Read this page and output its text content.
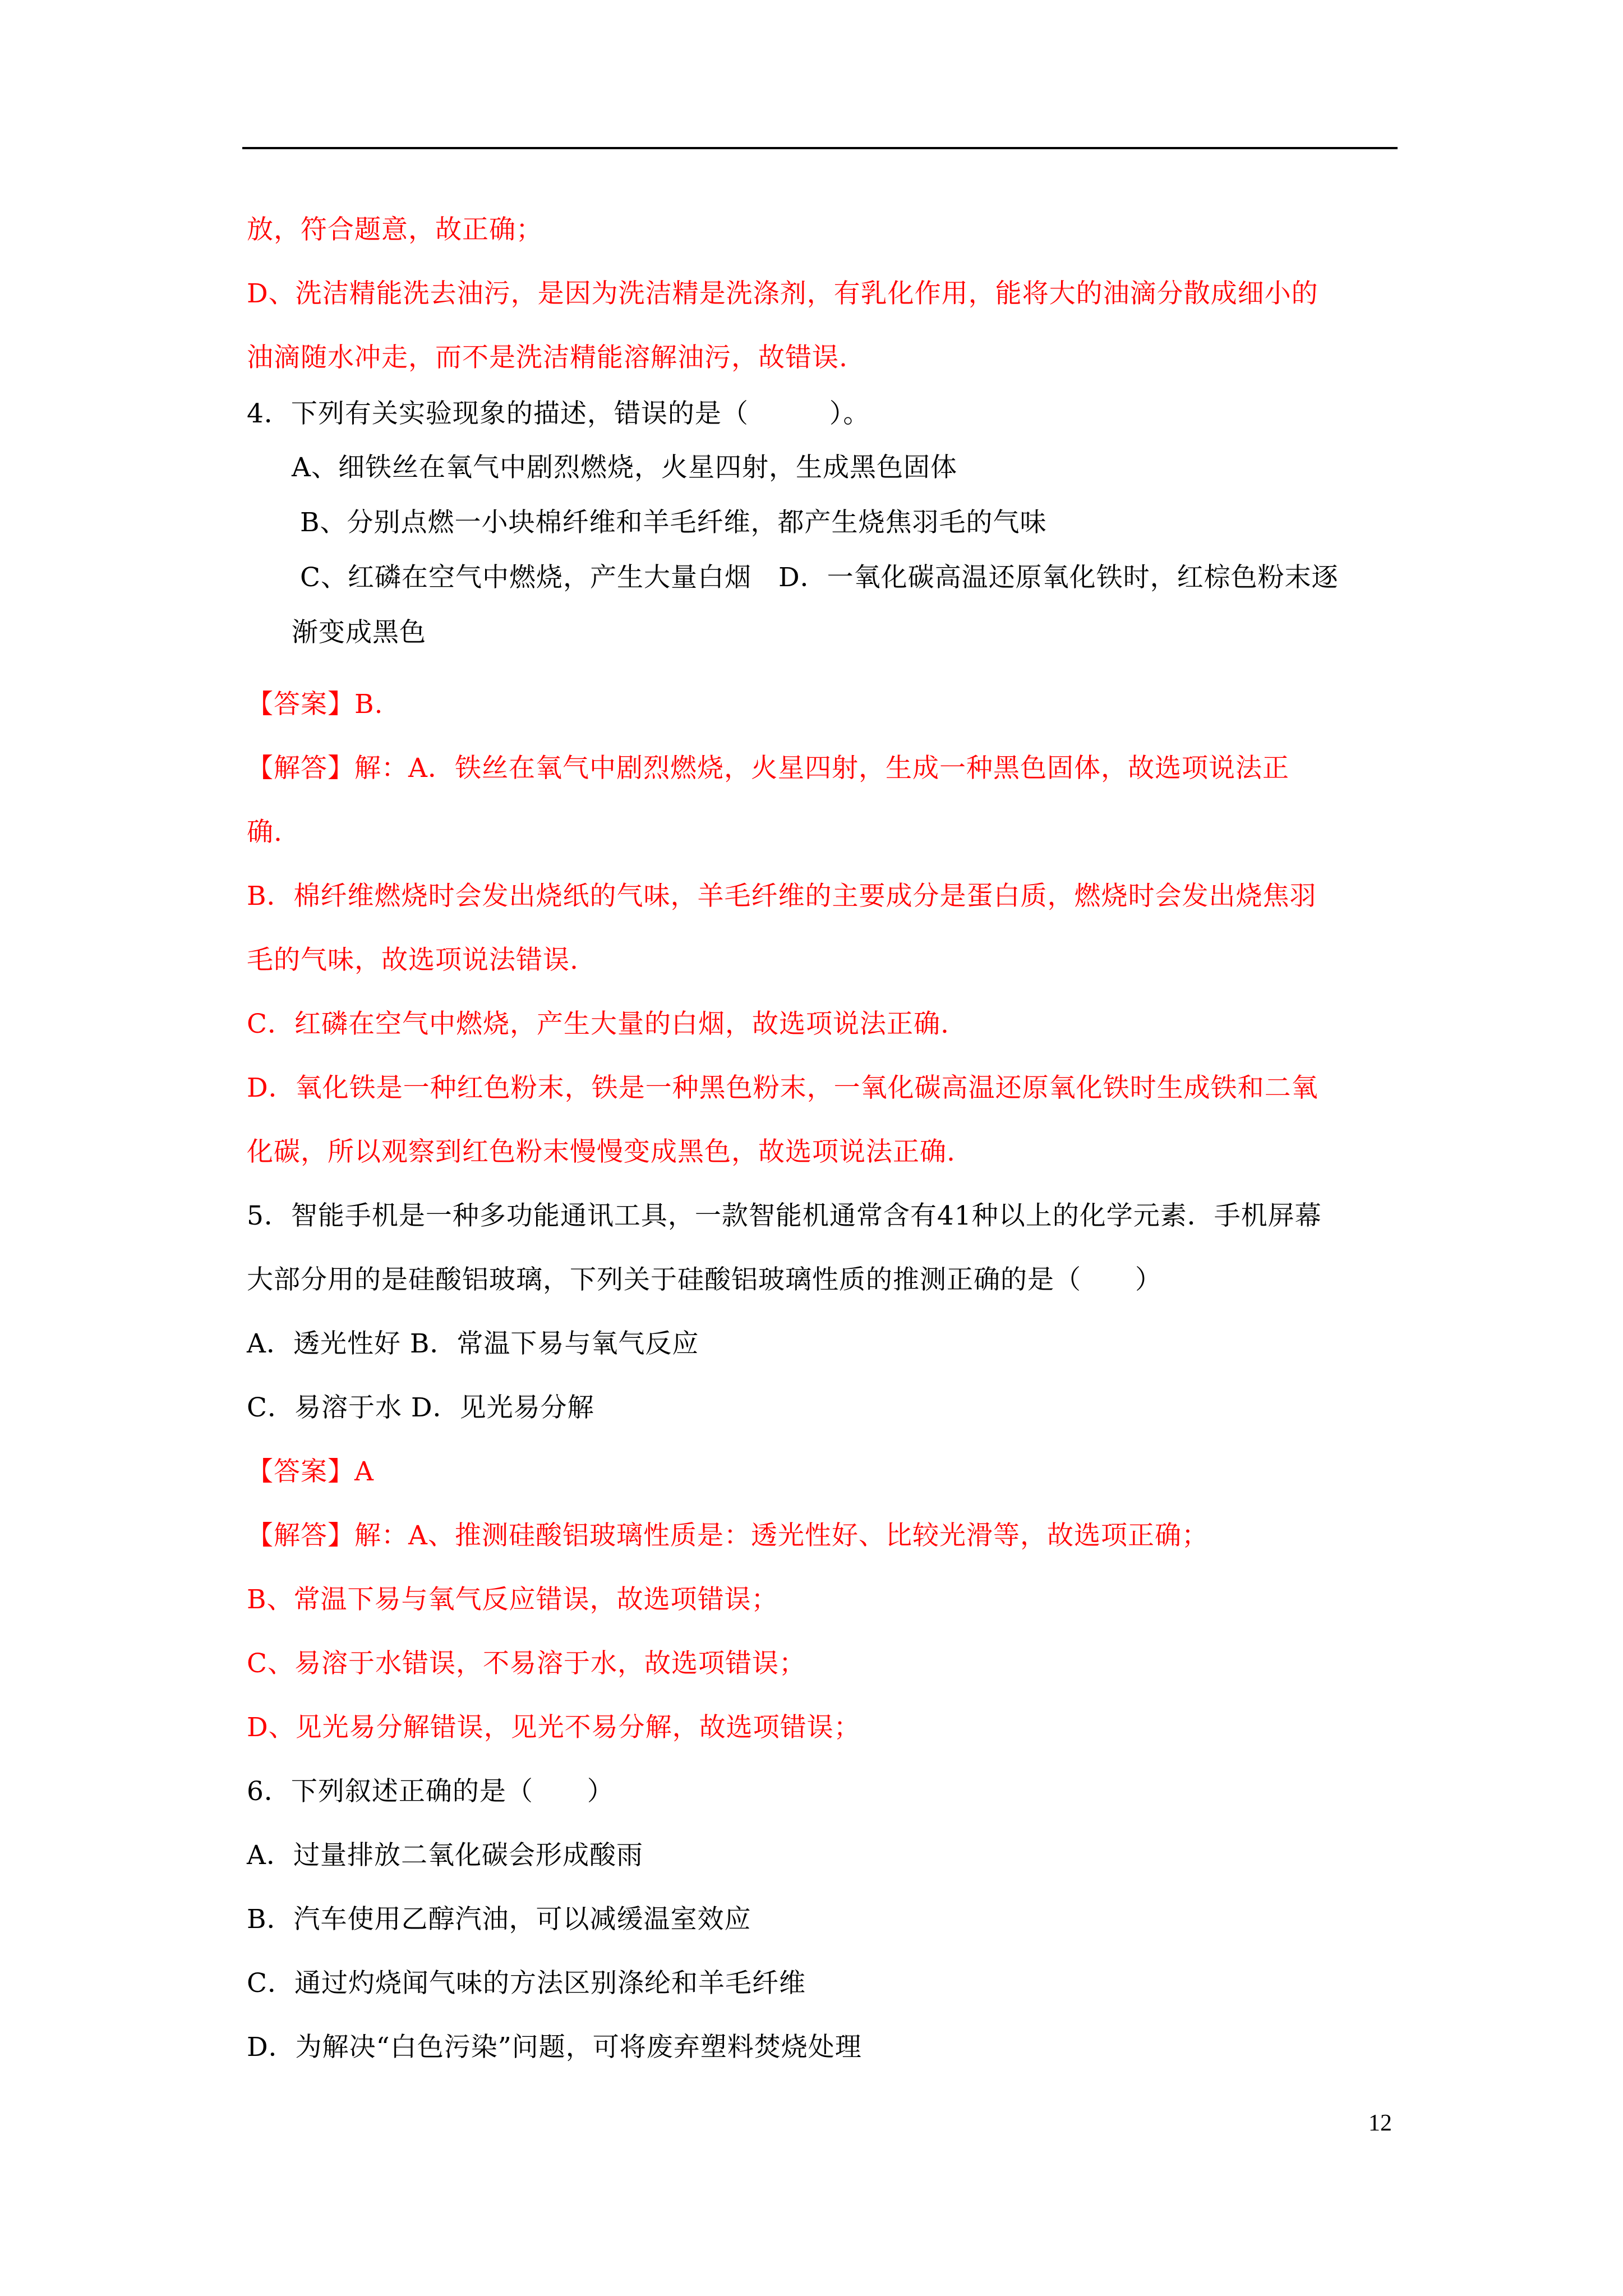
放，符合题意，故正确；
D、洗洁精能洗去油污，是因为洗洁精是洗涤剂，有乳化作用，能将大的油滴分散成细小的
油滴随水冲走，而不是洗洁精能溶解油污，故错误.
4．下列有关实验现象的描述，错误的是（　　　）。
A、细铁丝在氧气中剧烈燃烧，火星四射，生成黑色固体
B、分别点燃一小块棉纤维和羊毛纤维，都产生烧焦羽毛的气味
C、红磷在空气中燃烧，产生大量白烟　D．一氧化碳高温还原氧化铁时，红棕色粉末逐
渐变成黑色
【答案】B.
【解答】解：A．铁丝在氧气中剧烈燃烧，火星四射，生成一种黑色固体，故选项说法正
确.
B．棉纤维燃烧时会发出烧纸的气味，羊毛纤维的主要成分是蛋白质，燃烧时会发出烧焦羽
毛的气味，故选项说法错误.
C．红磷在空气中燃烧，产生大量的白烟，故选项说法正确.
D．氧化铁是一种红色粉末，铁是一种黑色粉末，一氧化碳高温还原氧化铁时生成铁和二氧
化碳，所以观察到红色粉末慢慢变成黑色，故选项说法正确.
5．智能手机是一种多功能通讯工具，一款智能机通常含有41种以上的化学元素．手机屏幕
大部分用的是硅酸铝玻璃，下列关于硅酸铝玻璃性质的推测正确的是（　　）
A．透光性好 B．常温下易与氧气反应
C．易溶于水 D．见光易分解
【答案】A
【解答】解：A、推测硅酸铝玻璃性质是：透光性好、比较光滑等，故选项正确；
B、常温下易与氧气反应错误，故选项错误；
C、易溶于水错误，不易溶于水，故选项错误；
D、见光易分解错误，见光不易分解，故选项错误；
6．下列叙述正确的是（　　）
A．过量排放二氧化碳会形成酸雨
B．汽车使用乙醇汽油，可以减缓温室效应
C．通过灼烧闻气味的方法区别涤纶和羊毛纤维
D．为解决“白色污染”问题，可将废弃塑料焚烧处理
12
